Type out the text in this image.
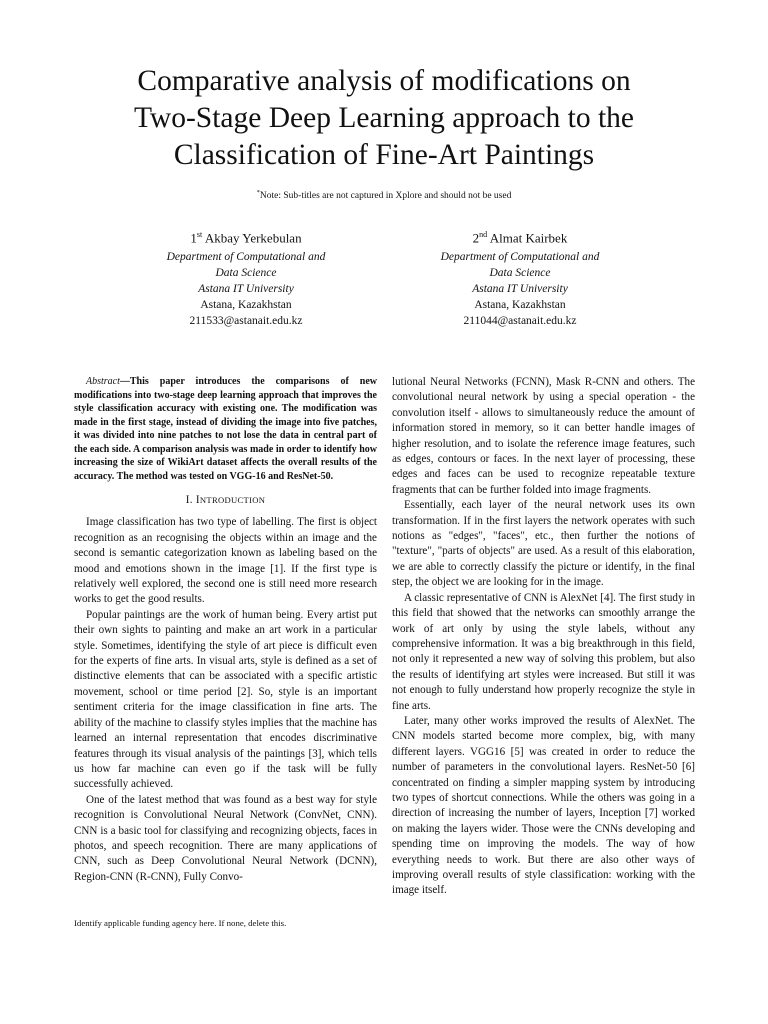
Comparative analysis of modifications on
Two-Stage Deep Learning approach to the
Classification of Fine-Art Paintings
*Note: Sub-titles are not captured in Xplore and should not be used
1st Akbay Yerkebulan
Department of Computational and
Data Science
Astana IT University
Astana, Kazakhstan
211533@astanait.edu.kz
2nd Almat Kairbek
Department of Computational and
Data Science
Astana IT University
Astana, Kazakhstan
211044@astanait.edu.kz

Abstract—This paper introduces the comparisons of new modifications into two-stage deep learning approach that improves the style classification accuracy with existing one. The modification was made in the first stage, instead of dividing the image into five patches, it was divided into nine patches to not lose the data in central part of the each side. A comparison analysis was made in order to identify how increasing the size of WikiArt dataset affects the overall results of the accuracy. The method was tested on VGG-16 and ResNet-50.

I. INTRODUCTION

Image classification has two type of labelling. The first is object recognition as an recognising the objects within an image and the second is semantic categorization known as labeling based on the mood and emotions shown in the image [1]. If the first type is relatively well explored, the second one is still need more research works to get the good results.

Popular paintings are the work of human being. Every artist put their own sights to painting and make an art work in a particular style. Sometimes, identifying the style of art piece is difficult even for the experts of fine arts. In visual arts, style is defined as a set of distinctive elements that can be associated with a specific artistic movement, school or time period [2]. So, style is an important sentiment criteria for the image classification in fine arts. The ability of the machine to classify styles implies that the machine has learned an internal representation that encodes discriminative features through its visual analysis of the paintings [3], which tells us how far machine can even go if the task will be fully successfully achieved.

One of the latest method that was found as a best way for style recognition is Convolutional Neural Network (ConvNet, CNN). CNN is a basic tool for classifying and recognizing objects, faces in photos, and speech recognition. There are many applications of CNN, such as Deep Convolutional Neural Network (DCNN), Region-CNN (R-CNN), Fully Convo-

Identify applicable funding agency here. If none, delete this.

lutional Neural Networks (FCNN), Mask R-CNN and others. The convolutional neural network by using a special operation - the convolution itself - allows to simultaneously reduce the amount of information stored in memory, so it can better handle images of higher resolution, and to isolate the reference image features, such as edges, contours or faces. In the next layer of processing, these edges and faces can be used to recognize repeatable texture fragments that can be further folded into image fragments.

Essentially, each layer of the neural network uses its own transformation. If in the first layers the network operates with such notions as "edges", "faces", etc., then further the notions of "texture", "parts of objects" are used. As a result of this elaboration, we are able to correctly classify the picture or identify, in the final step, the object we are looking for in the image.

A classic representative of CNN is AlexNet [4]. The first study in this field that showed that the networks can smoothly arrange the work of art only by using the style labels, without any comprehensive information. It was a big breakthrough in this field, not only it represented a new way of solving this problem, but also the results of identifying art styles were increased. But still it was not enough to fully understand how properly recognize the style in fine arts.

Later, many other works improved the results of AlexNet. The CNN models started become more complex, big, with many different layers. VGG16 [5] was created in order to reduce the number of parameters in the convolutional layers. ResNet-50 [6] concentrated on finding a simpler mapping system by introducing two types of shortcut connections. While the others was going in a direction of increasing the number of layers, Inception [7] worked on making the layers wider. Those were the CNNs developing and spending time on improving the models. The way of how everything needs to work. But there are also other ways of improving overall results of style classification: working with the image itself.
